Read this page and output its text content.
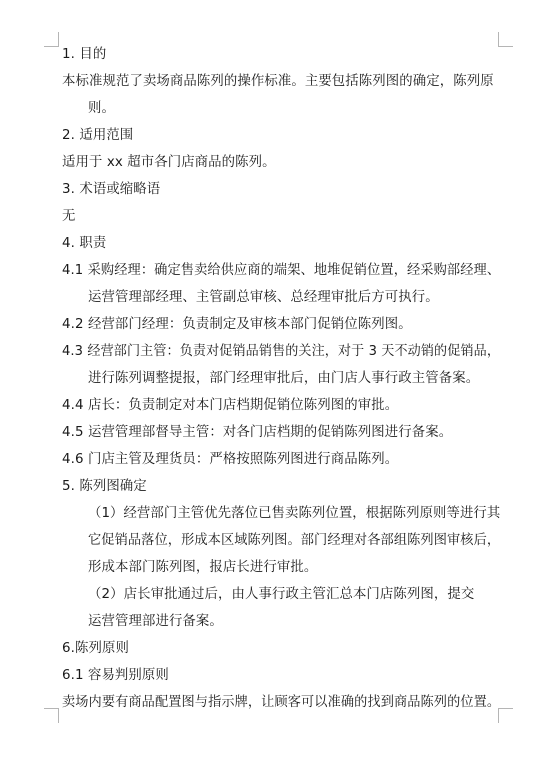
1. 目的
本标准规范了卖场商品陈列的操作标准。主要包括陈列图的确定，陈列原
则。
2. 适用范围
适用于 xx 超市各门店商品的陈列。
3. 术语或缩略语
无
4. 职责
4.1 采购经理：确定售卖给供应商的端架、地堆促销位置，经采购部经理、
运营管理部经理、主管副总审核、总经理审批后方可执行。
4.2 经营部门经理：负责制定及审核本部门促销位陈列图。
4.3 经营部门主管：负责对促销品销售的关注，对于 3 天不动销的促销品，
进行陈列调整提报，部门经理审批后，由门店人事行政主管备案。
4.4 店长：负责制定对本门店档期促销位陈列图的审批。
4.5 运营管理部督导主管：对各门店档期的促销陈列图进行备案。
4.6 门店主管及理货员：严格按照陈列图进行商品陈列。
5. 陈列图确定
（1）经营部门主管优先落位已售卖陈列位置，根据陈列原则等进行其
它促销品落位，形成本区域陈列图。部门经理对各部组陈列图审核后，
形成本部门陈列图，报店长进行审批。
（2）店长审批通过后，由人事行政主管汇总本门店陈列图，提交
运营管理部进行备案。
6.陈列原则
6.1 容易判别原则
卖场内要有商品配置图与指示牌，让顾客可以准确的找到商品陈列的位置。
